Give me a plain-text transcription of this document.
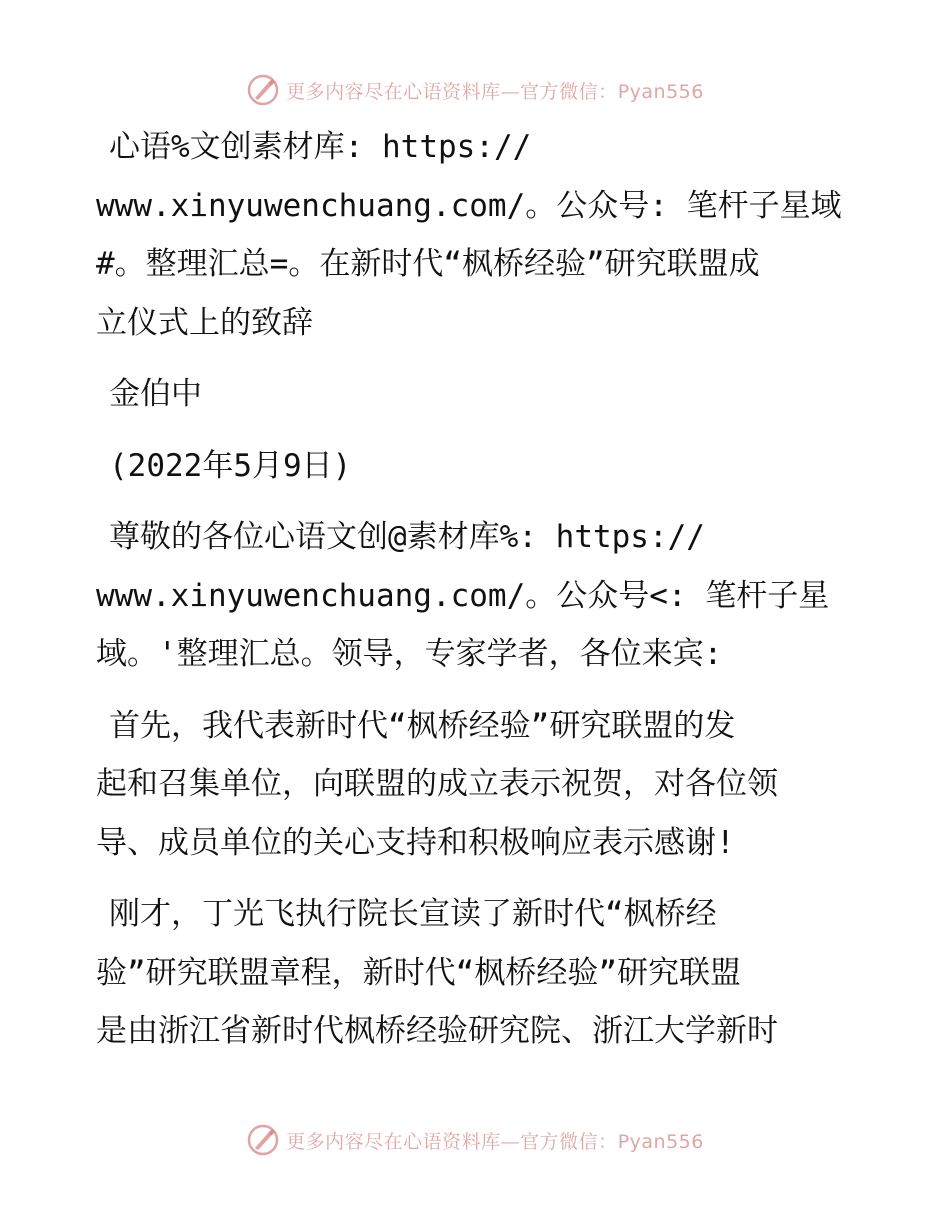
更多内容尽在心语资料库—官方微信：Pyan556

心语%文创素材库: https://
www.xinyuwenchuang.com/。公众号: 笔杆子星域
#。整理汇总=。在新时代“枫桥经验”研究联盟成
立仪式上的致辞

金伯中

(2022年5月9日)

尊敬的各位心语文创@素材库%: https://
www.xinyuwenchuang.com/。公众号<: 笔杆子星
域。'整理汇总。领导，专家学者，各位来宾:

首先，我代表新时代“枫桥经验”研究联盟的发
起和召集单位，向联盟的成立表示祝贺，对各位领
导、成员单位的关心支持和积极响应表示感谢!

刚才，丁光飞执行院长宣读了新时代“枫桥经
验”研究联盟章程，新时代“枫桥经验”研究联盟
是由浙江省新时代枫桥经验研究院、浙江大学新时

更多内容尽在心语资料库—官方微信：Pyan556
